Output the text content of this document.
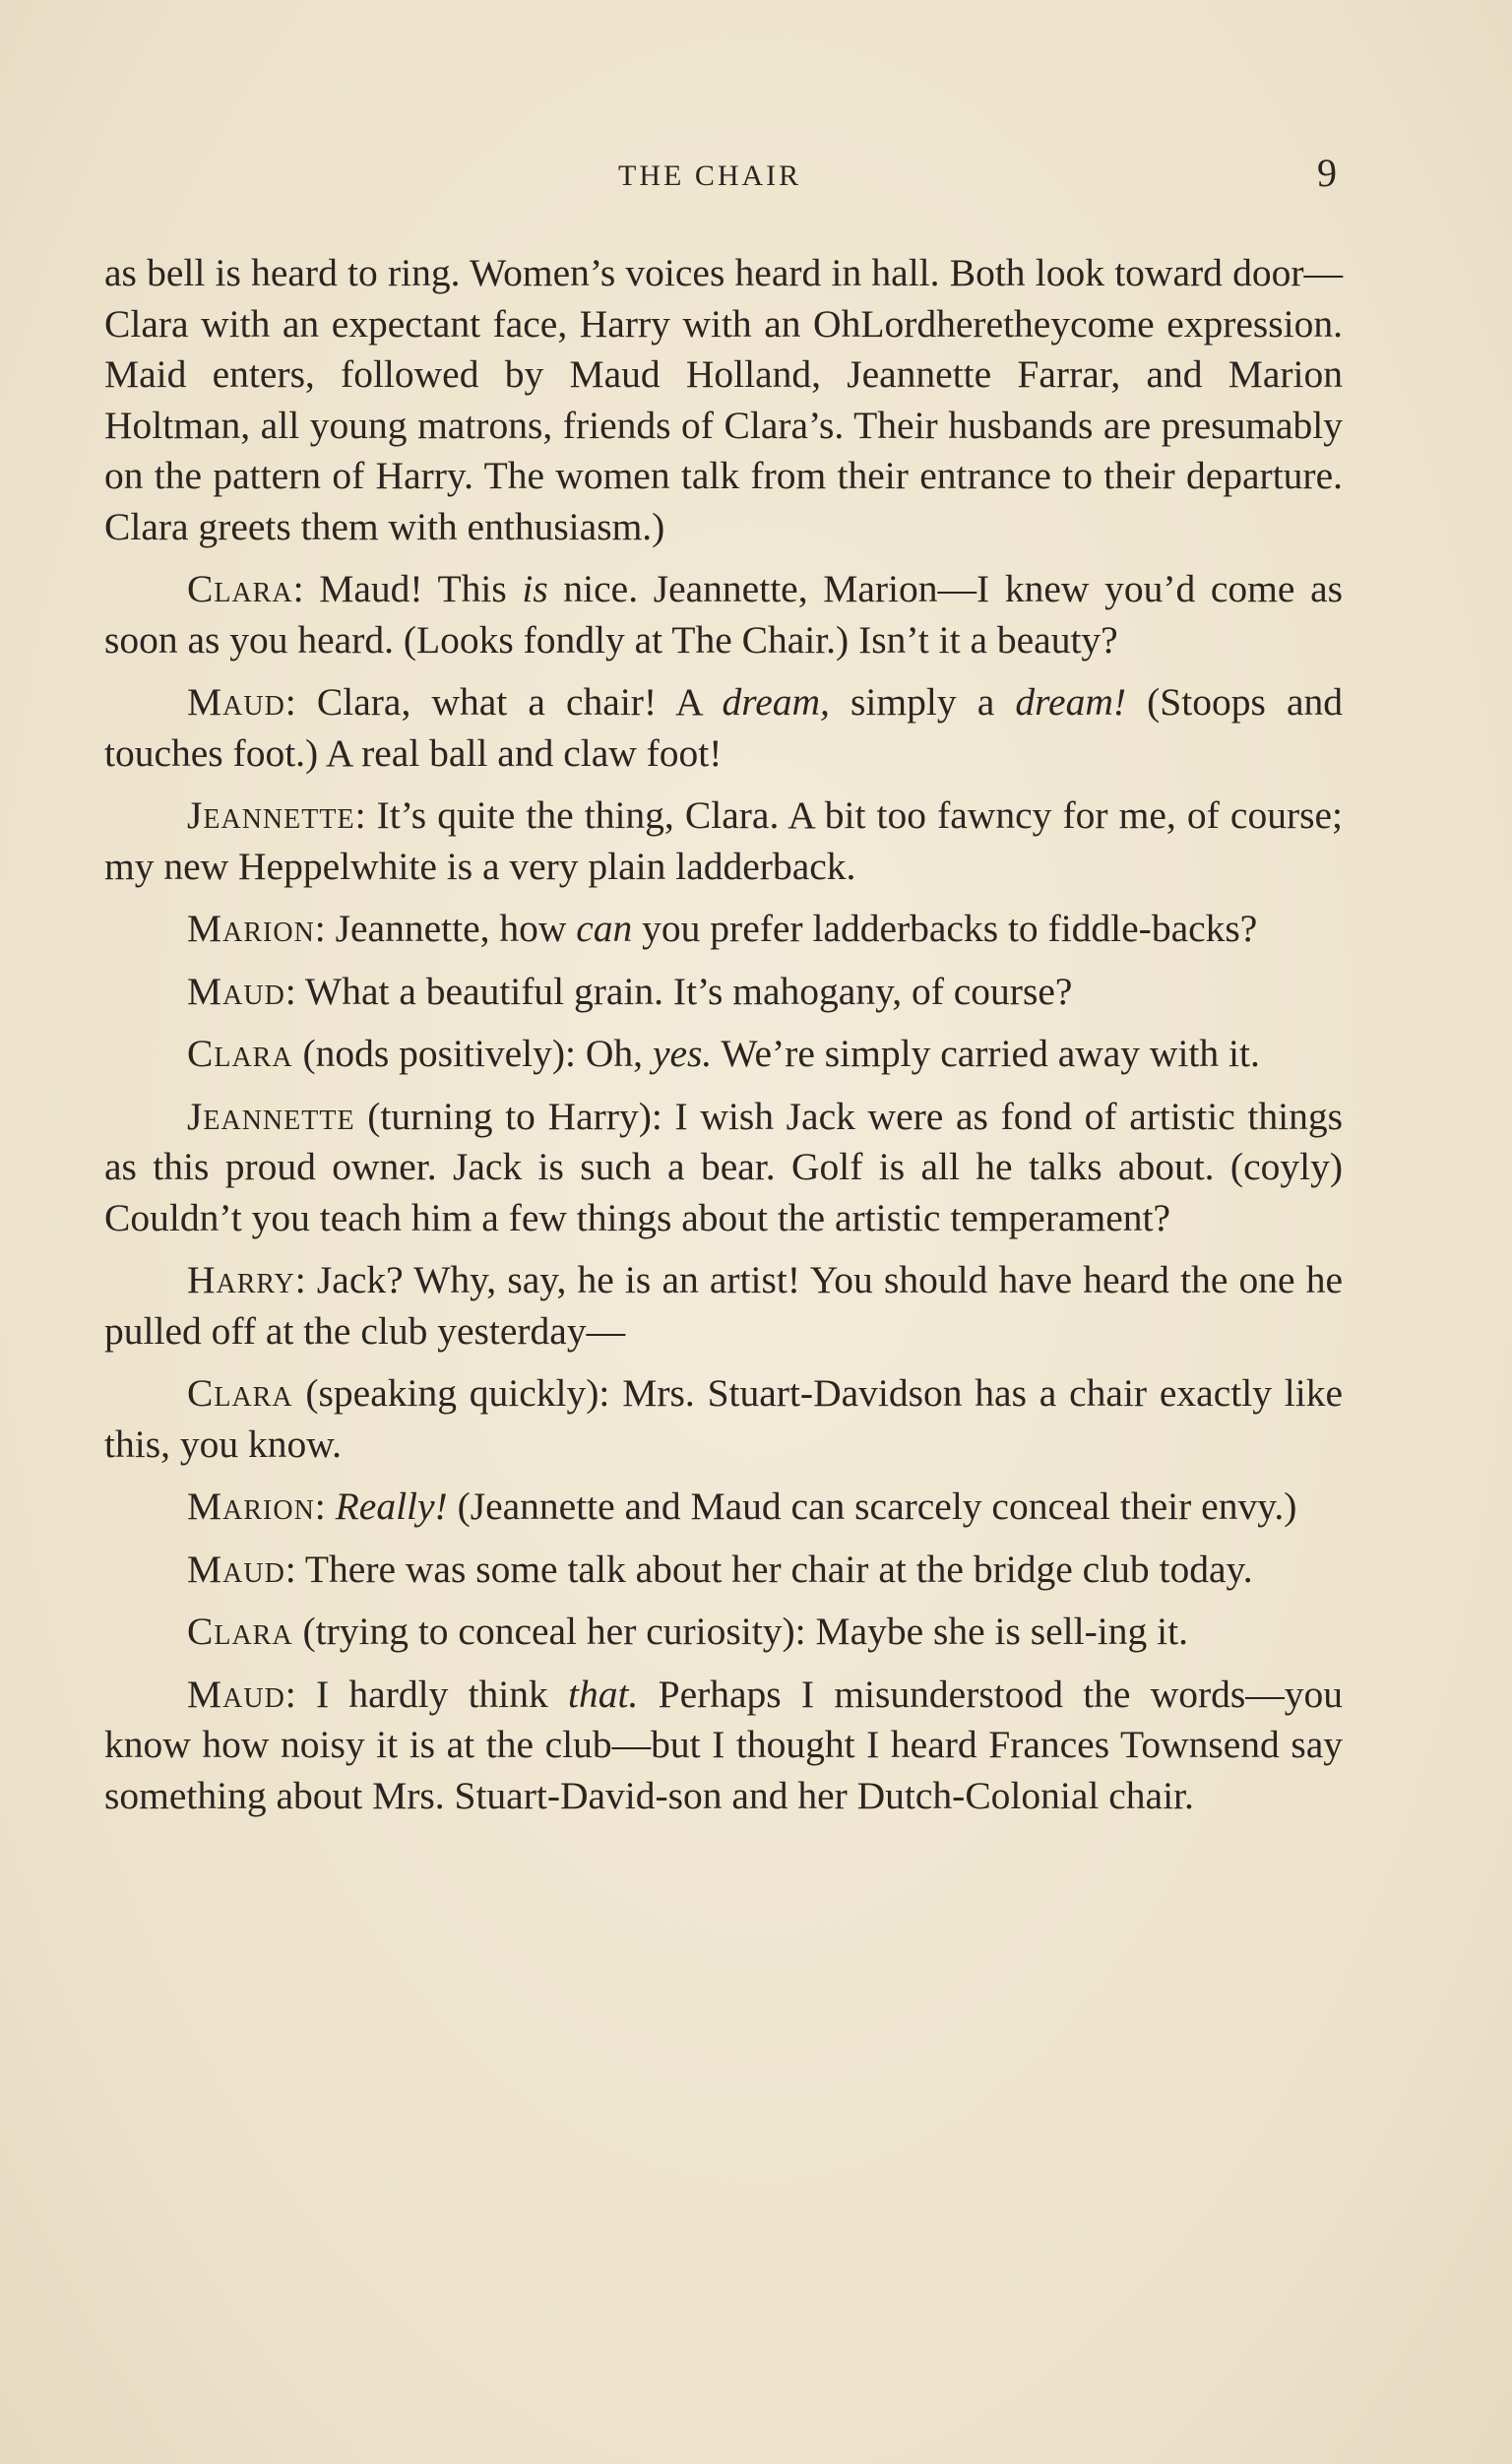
THE CHAIR	9

as bell is heard to ring. Women’s voices heard in hall. Both look toward door—Clara with an expectant face, Harry with an OhLordheretheycome expression. Maid enters, followed by Maud Holland, Jeannette Farrar, and Marion Holtman, all young matrons, friends of Clara’s. Their husbands are presumably on the pattern of Harry. The women talk from their entrance to their departure. Clara greets them with enthusiasm.)

Clara: Maud! This is nice. Jeannette, Marion—I knew you’d come as soon as you heard. (Looks fondly at The Chair.) Isn’t it a beauty?

Maud: Clara, what a chair! A dream, simply a dream! (Stoops and touches foot.) A real ball and claw foot!

Jeannette: It’s quite the thing, Clara. A bit too fawncy for me, of course; my new Heppelwhite is a very plain ladderback.

Marion: Jeannette, how can you prefer ladderbacks to fiddle-backs?

Maud: What a beautiful grain. It’s mahogany, of course?

Clara (nods positively): Oh, yes. We’re simply carried away with it.

Jeannette (turning to Harry): I wish Jack were as fond of artistic things as this proud owner. Jack is such a bear. Golf is all he talks about. (coyly) Couldn’t you teach him a few things about the artistic temperament?

Harry: Jack? Why, say, he is an artist! You should have heard the one he pulled off at the club yesterday—

Clara (speaking quickly): Mrs. Stuart-Davidson has a chair exactly like this, you know.

Marion: Really! (Jeannette and Maud can scarcely conceal their envy.)

Maud: There was some talk about her chair at the bridge club today.

Clara (trying to conceal her curiosity): Maybe she is sell-ing it.

Maud: I hardly think that. Perhaps I misunderstood the words—you know how noisy it is at the club—but I thought I heard Frances Townsend say something about Mrs. Stuart-David-son and her Dutch-Colonial chair.
